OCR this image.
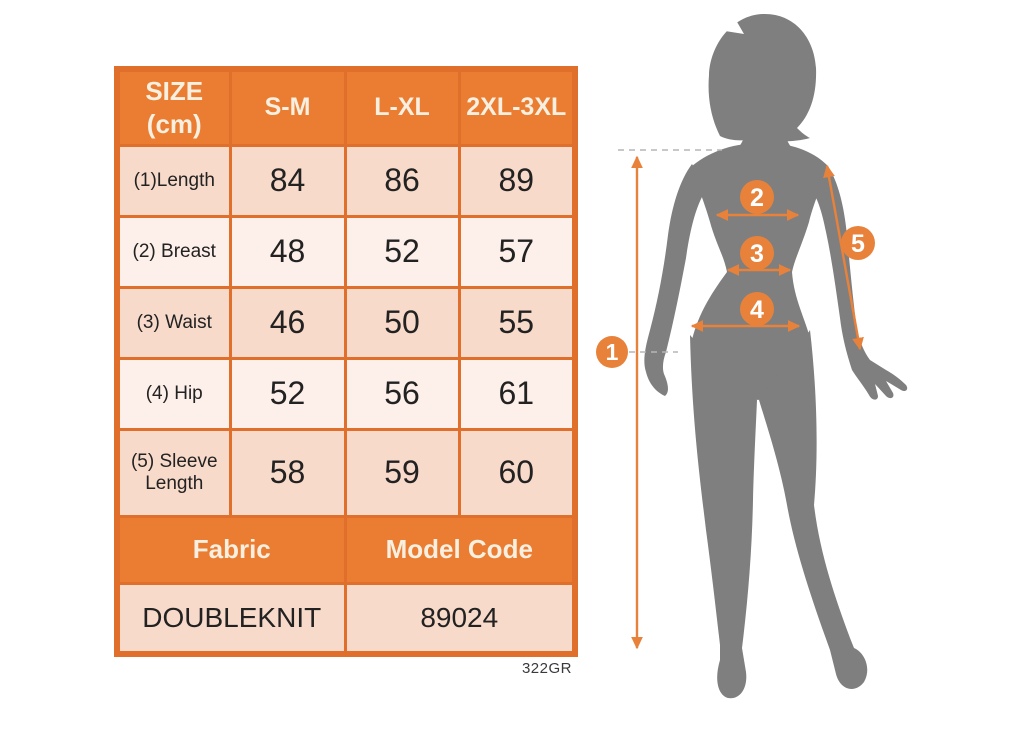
SIZE (cm)	S-M	L-XL	2XL-3XL
(1)Length	84	86	89
(2) Breast	48	52	57
(3) Waist	46	50	55
(4) Hip	52	56	61
(5) Sleeve Length	58	59	60
Fabric		Model Code	
DOUBLEKNIT		89024	
322GR
1
2
3
4
5
